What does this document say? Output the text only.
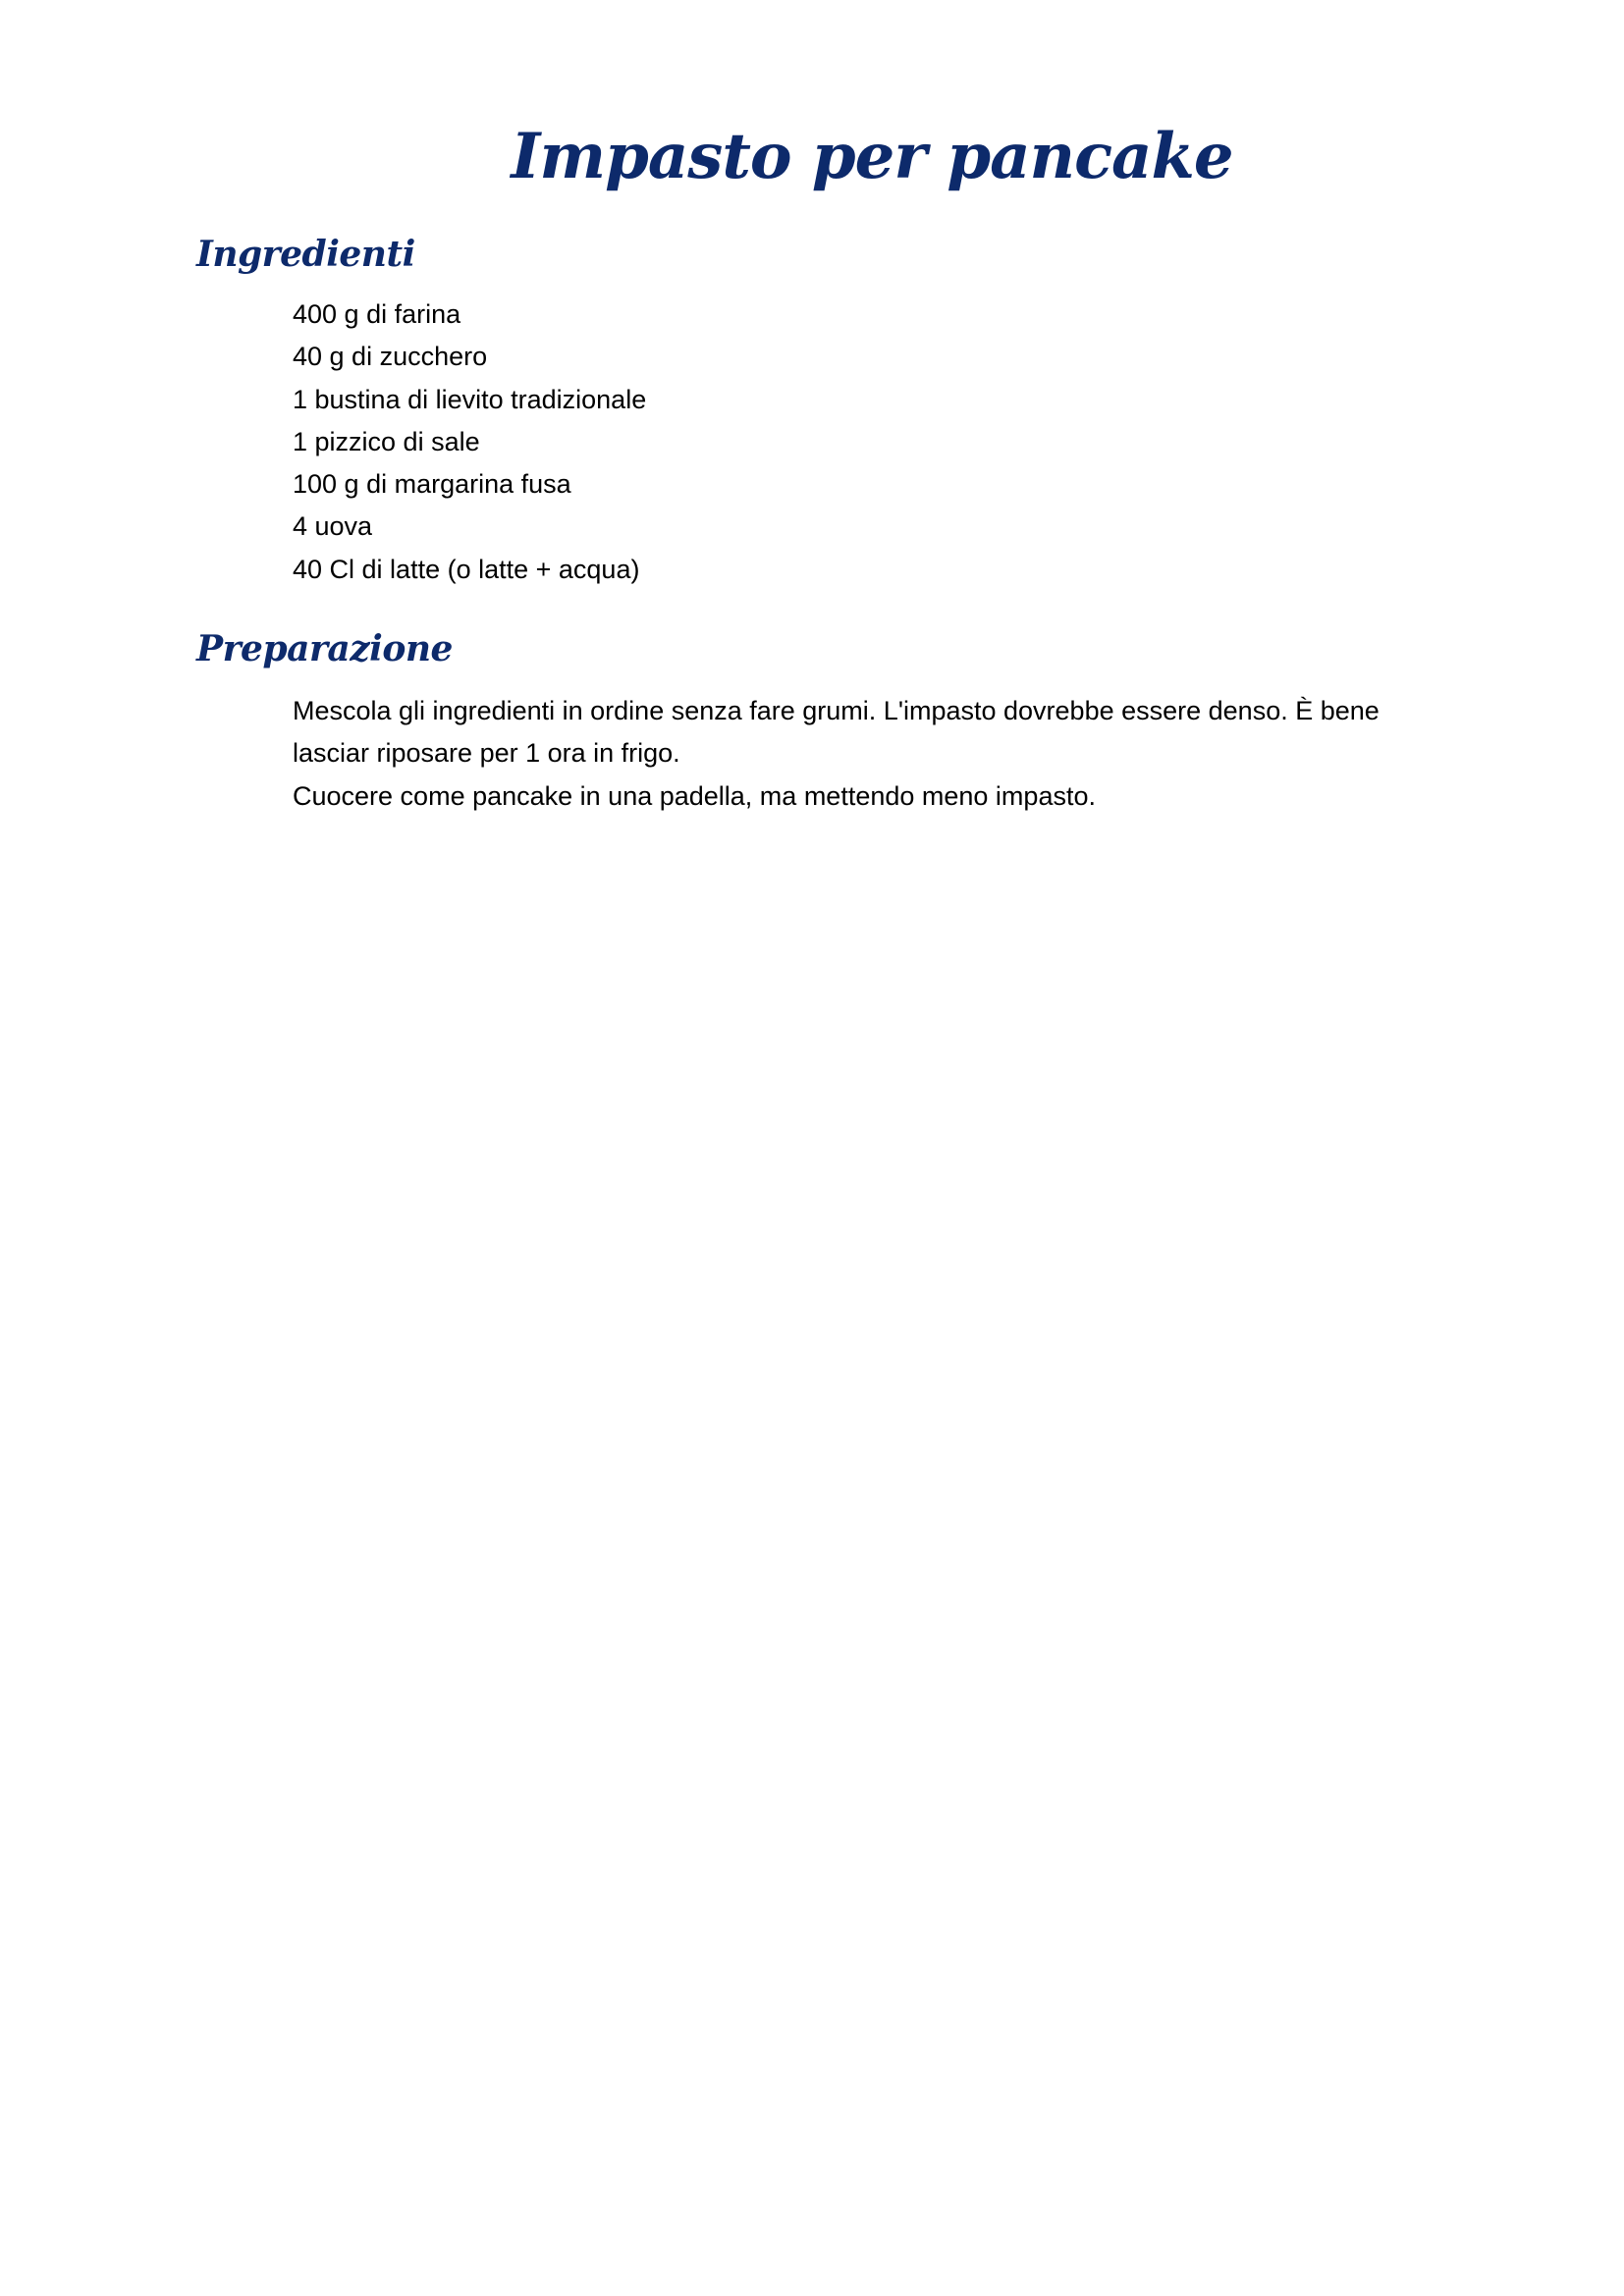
Impasto per pancake
Ingredienti
400 g di farina
40 g di zucchero
1 bustina di lievito tradizionale
1 pizzico di sale
100 g di margarina fusa
4 uova
40 Cl di latte (o latte + acqua)
Preparazione

Mescola gli ingredienti in ordine senza fare grumi. L'impasto dovrebbe essere denso. È bene lasciar riposare per 1 ora in frigo.

Cuocere come pancake in una padella, ma mettendo meno impasto.
